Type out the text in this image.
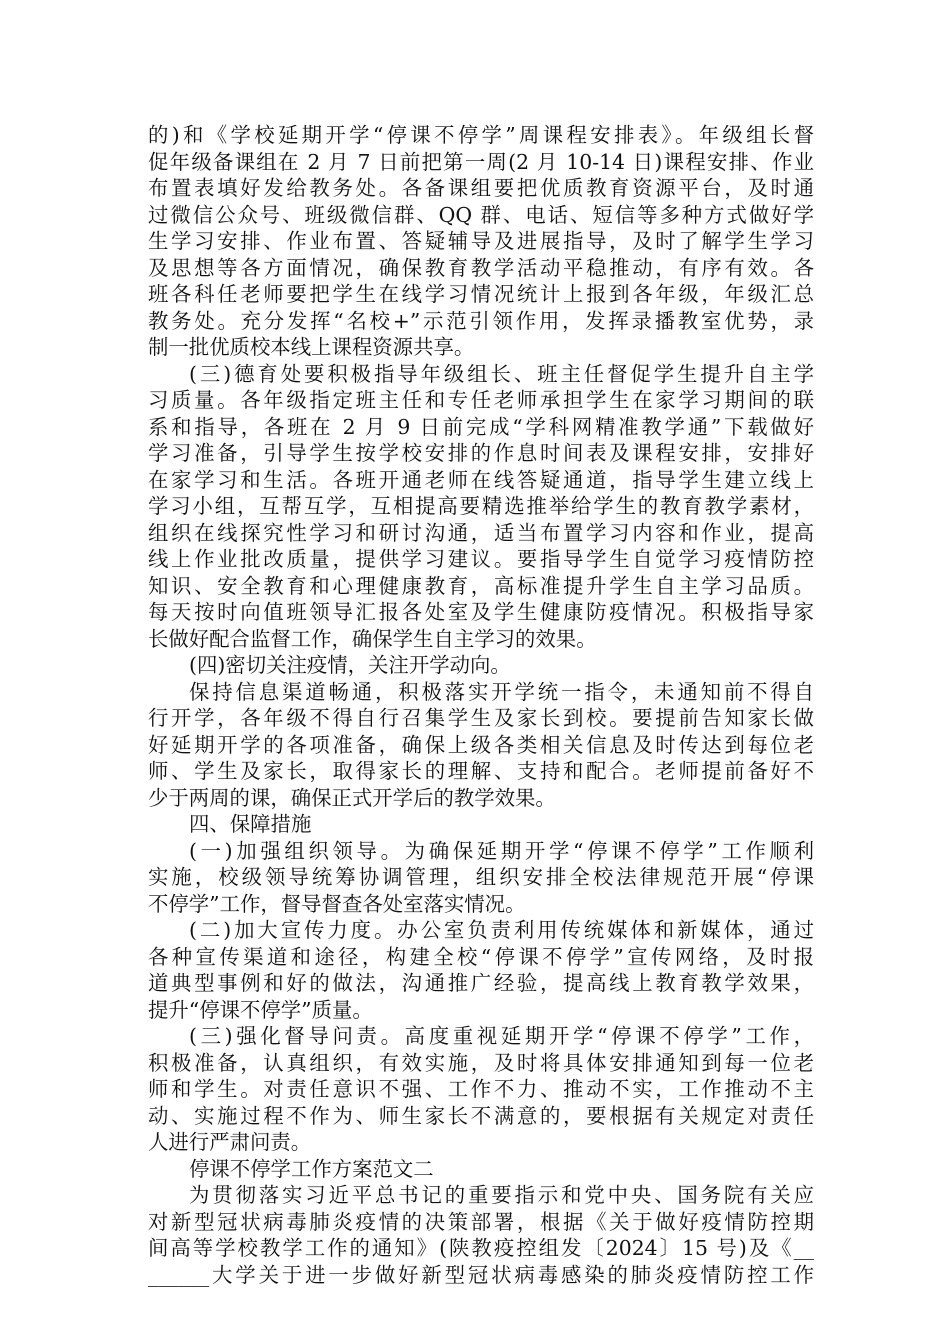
的)和《学校延期开学“停课不停学”周课程安排表》。年级组长督
促年级备课组在 2 月 7 日前把第一周(2 月 10-14 日)课程安排、作业
布置表填好发给教务处。各备课组要把优质教育资源平台，及时通
过微信公众号、班级微信群、QQ 群、电话、短信等多种方式做好学
生学习安排、作业布置、答疑辅导及进展指导，及时了解学生学习
及思想等各方面情况，确保教育教学活动平稳推动，有序有效。各
班各科任老师要把学生在线学习情况统计上报到各年级，年级汇总
教务处。充分发挥“名校+”示范引领作用，发挥录播教室优势，录
制一批优质校本线上课程资源共享。
(三)德育处要积极指导年级组长、班主任督促学生提升自主学
习质量。各年级指定班主任和专任老师承担学生在家学习期间的联
系和指导，各班在 2 月 9 日前完成“学科网精准教学通”下载做好
学习准备，引导学生按学校安排的作息时间表及课程安排，安排好
在家学习和生活。各班开通老师在线答疑通道，指导学生建立线上
学习小组，互帮互学，互相提高要精选推举给学生的教育教学素材，
组织在线探究性学习和研讨沟通，适当布置学习内容和作业，提高
线上作业批改质量，提供学习建议。要指导学生自觉学习疫情防控
知识、安全教育和心理健康教育，高标准提升学生自主学习品质。
每天按时向值班领导汇报各处室及学生健康防疫情况。积极指导家
长做好配合监督工作，确保学生自主学习的效果。
(四)密切关注疫情，关注开学动向。
保持信息渠道畅通，积极落实开学统一指令，未通知前不得自
行开学，各年级不得自行召集学生及家长到校。要提前告知家长做
好延期开学的各项准备，确保上级各类相关信息及时传达到每位老
师、学生及家长，取得家长的理解、支持和配合。老师提前备好不
少于两周的课，确保正式开学后的教学效果。
四、保障措施
(一)加强组织领导。为确保延期开学“停课不停学”工作顺利
实施，校级领导统筹协调管理，组织安排全校法律规范开展“停课
不停学”工作，督导督查各处室落实情况。
(二)加大宣传力度。办公室负责利用传统媒体和新媒体，通过
各种宣传渠道和途径，构建全校“停课不停学”宣传网络，及时报
道典型事例和好的做法，沟通推广经验，提高线上教育教学效果，
提升“停课不停学”质量。
(三)强化督导问责。高度重视延期开学“停课不停学”工作，
积极准备，认真组织，有效实施，及时将具体安排通知到每一位老
师和学生。对责任意识不强、工作不力、推动不实，工作推动不主
动、实施过程不作为、师生家长不满意的，要根据有关规定对责任
人进行严肃问责。
停课不停学工作方案范文二
为贯彻落实习近平总书记的重要指示和党中央、国务院有关应
对新型冠状病毒肺炎疫情的决策部署，根据《关于做好疫情防控期
间高等学校教学工作的通知》(陕教疫控组发〔2024〕15 号)及《__
______大学关于进一步做好新型冠状病毒感染的肺炎疫情防控工作
